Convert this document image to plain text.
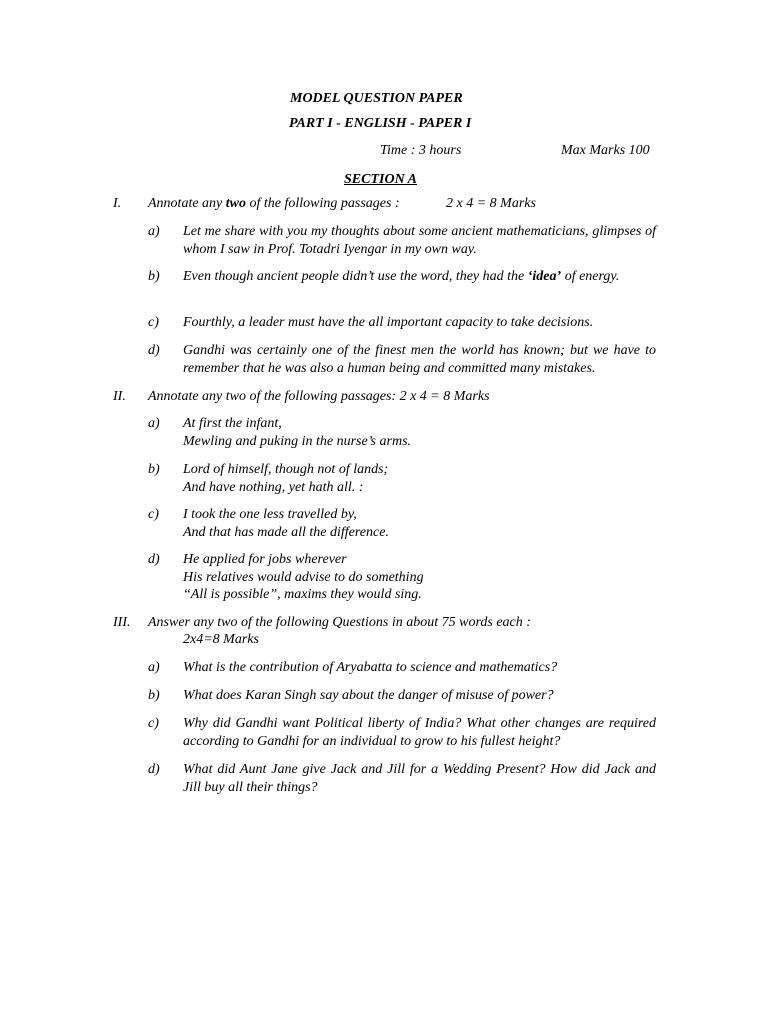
MODEL QUESTION PAPER
PART I - ENGLISH - PAPER I
Time : 3 hours	Max Marks 100
SECTION A
I. Annotate any two of the following passages :	2 x 4 = 8 Marks
a) Let me share with you my thoughts about some ancient mathematicians, glimpses of whom I saw in Prof. Totadri Iyengar in my own way.
b) Even though ancient people didn’t use the word, they had the ‘idea’ of energy.
c) Fourthly, a leader must have the all important capacity to take decisions.
d) Gandhi was certainly one of the finest men the world has known; but we have to remember that he was also a human being and committed many mistakes.
II. Annotate any two of the following passages: 2 x 4 = 8 Marks
a) At first the infant,
Mewling and puking in the nurse’s arms.
b) Lord of himself, though not of lands;
And have nothing, yet hath all. :
c) I took the one less travelled by,
And that has made all the difference.
d) He applied for jobs wherever
His relatives would advise to do something
“All is possible”, maxims they would sing.
III. Answer any two of the following Questions in about 75 words each :
2x4=8 Marks
a) What is the contribution of Aryabatta to science and mathematics?
b) What does Karan Singh say about the danger of misuse of power?
c) Why did Gandhi want Political liberty of India? What other changes are required according to Gandhi for an individual to grow to his fullest height?
d) What did Aunt Jane give Jack and Jill for a Wedding Present? How did Jack and Jill buy all their things?
